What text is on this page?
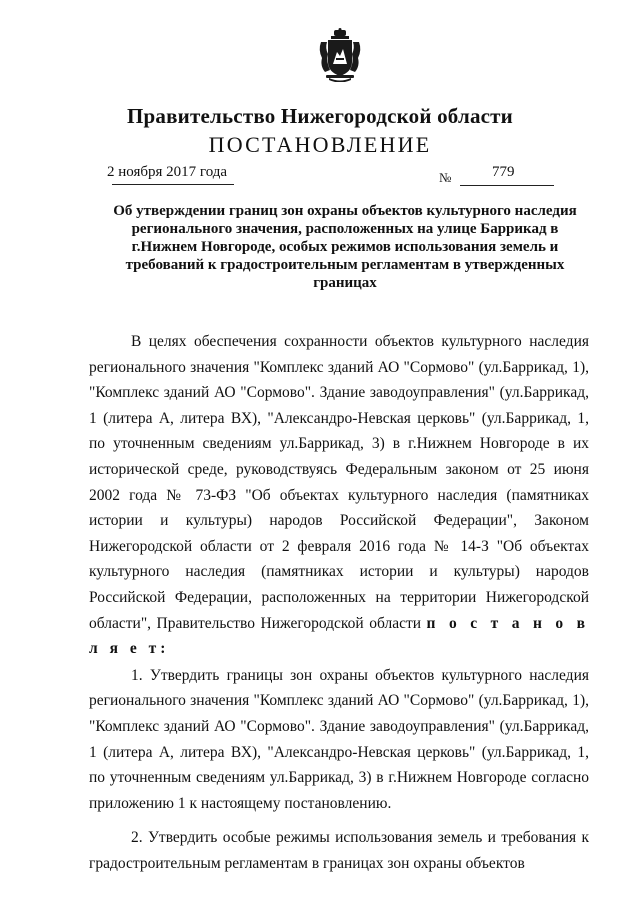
Правительство Нижегородской области
ПОСТАНОВЛЕНИЕ
2 ноября 2017 года	№	779
Об утверждении границ зон охраны объектов культурного наследия регионального значения, расположенных на улице Баррикад в г.Нижнем Новгороде, особых режимов использования земель и требований к градостроительным регламентам в утвержденных границах

В целях обеспечения сохранности объектов культурного наследия регионального значения "Комплекс зданий АО "Сормово" (ул.Баррикад, 1), "Комплекс зданий АО "Сормово". Здание заводоуправления" (ул.Баррикад, 1 (литера А, литера ВХ), "Александро-Невская церковь" (ул.Баррикад, 1, по уточненным сведениям ул.Баррикад, 3) в г.Нижнем Новгороде в их исторической среде, руководствуясь Федеральным законом от 25 июня 2002 года № 73-ФЗ "Об объектах культурного наследия (памятниках истории и культуры) народов Российской Федерации", Законом Нижегородской области от 2 февраля 2016 года № 14-З "Об объектах культурного наследия (памятниках истории и культуры) народов Российской Федерации, расположенных на территории Нижегородской области", Правительство Нижегородской области п о с т а н о в л я е т:

1. Утвердить границы зон охраны объектов культурного наследия регионального значения "Комплекс зданий АО "Сормово" (ул.Баррикад, 1), "Комплекс зданий АО "Сормово". Здание заводоуправления" (ул.Баррикад, 1 (литера А, литера ВХ), "Александро-Невская церковь" (ул.Баррикад, 1, по уточненным сведениям ул.Баррикад, 3) в г.Нижнем Новгороде согласно приложению 1 к настоящему постановлению.

2. Утвердить особые режимы использования земель и требования к градостроительным регламентам в границах зон охраны объектов
